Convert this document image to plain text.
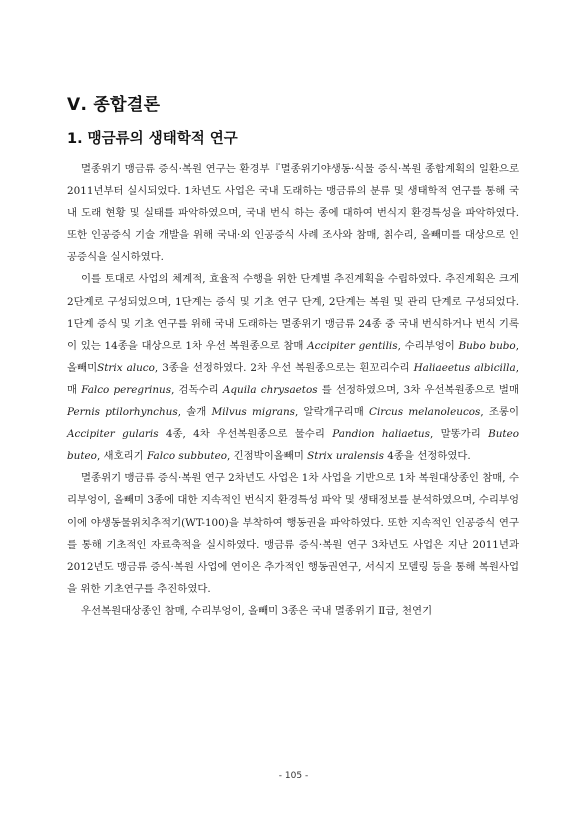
Ⅴ. 종합결론
1. 맹금류의 생태학적 연구

멸종위기 맹금류 증식·복원 연구는 환경부『멸종위기야생동·식물 증식·복원 종합계획의 일환으로 2011년부터 실시되었다. 1차년도 사업은 국내 도래하는 맹금류의 분류 및 생태학적 연구를 통해 국내 도래 현황 및 실태를 파악하였으며, 국내 번식 하는 종에 대하여 번식지 환경특성을 파악하였다. 또한 인공증식 기술 개발을 위해 국내·외 인공증식 사례 조사와 참매, 칡수리, 올빼미를 대상으로 인공증식을 실시하였다.

이를 토대로 사업의 체계적, 효율적 수행을 위한 단계별 추진계획을 수립하였다. 추진계획은 크게 2단계로 구성되었으며, 1단계는 증식 및 기초 연구 단계, 2단계는 복원 및 관리 단계로 구성되었다. 1단계 증식 및 기초 연구를 위해 국내 도래하는 멸종위기 맹금류 24종 중 국내 번식하거나 번식 기록이 있는 14종을 대상으로 1차 우선 복원종으로 참매 Accipiter gentilis, 수리부엉이 Bubo bubo, 올빼미Strix aluco, 3종을 선정하였다. 2차 우선 복원종으로는 흰꼬리수리 Haliaeetus albicilla, 매 Falco peregrinus, 검독수리 Aquila chrysaetos 를 선정하였으며, 3차 우선복원종으로 벌매 Pernis ptilorhynchus, 솔개 Milvus migrans, 알락개구리매 Circus melanoleucos, 조롱이 Accipiter gularis 4종, 4차 우선복원종으로 물수리 Pandion haliaetus, 말똥가리 Buteo buteo, 새호리기 Falco subbuteo, 긴점박이올빼미 Strix uralensis 4종을 선정하였다.

멸종위기 맹금류 증식·복원 연구 2차년도 사업은 1차 사업을 기반으로 1차 복원대상종인 참매, 수리부엉이, 올빼미 3종에 대한 지속적인 번식지 환경특성 파악 및 생태정보를 분석하였으며, 수리부엉이에 야생동물위치추적기(WT-100)을 부착하여 행동권을 파악하였다. 또한 지속적인 인공증식 연구를 통해 기초적인 자료축적을 실시하였다. 맹금류 증식·복원 연구 3차년도 사업은 지난 2011년과 2012년도 맹금류 증식·복원 사업에 연이은 추가적인 행동권연구, 서식지 모델링 등을 통해 복원사업을 위한 기초연구를 추진하였다.

우선복원대상종인 참매, 수리부엉이, 올빼미 3종은 국내 멸종위기 Ⅱ급, 천연기

- 105 -
